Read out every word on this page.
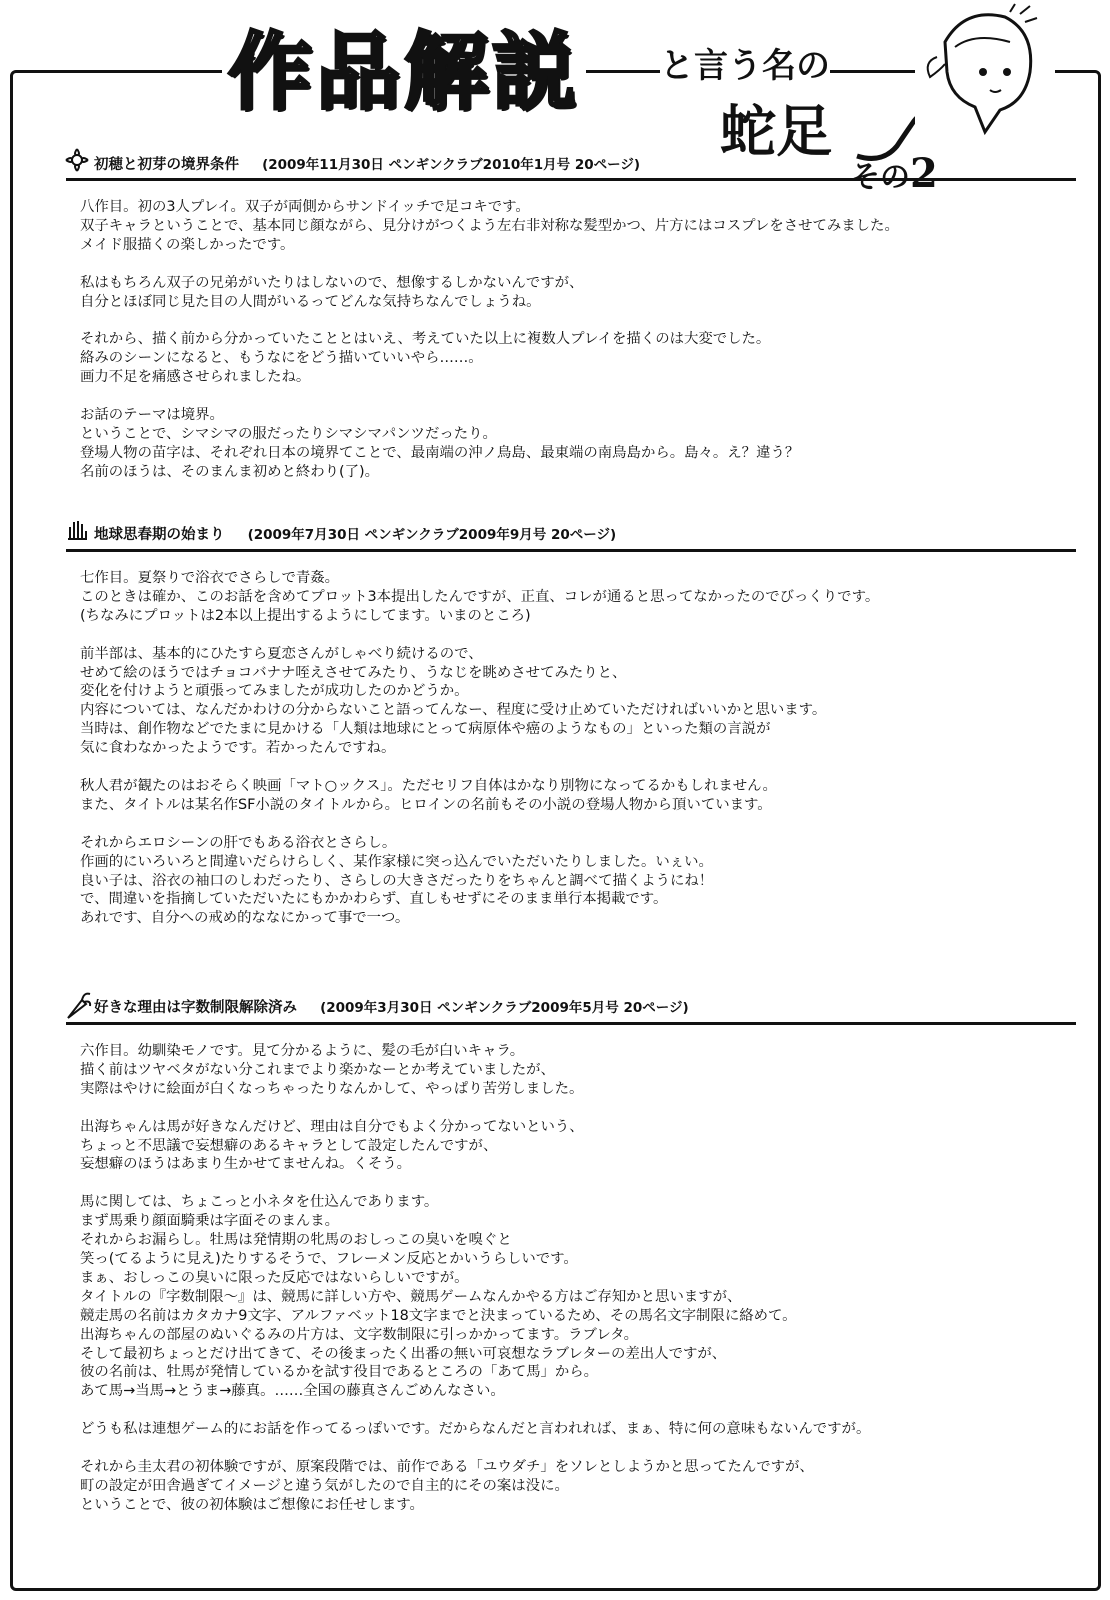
作品解説 と言う名の
蛇足
その2
初穂と初芽の境界条件 (2009年11月30日 ペンギンクラブ2010年1月号 20ページ)
八作目。初の3人プレイ。双子が両側からサンドイッチで足コキです。
双子キャラということで、基本同じ顔ながら、見分けがつくよう左右非対称な髪型かつ、片方にはコスプレをさせてみました。
メイド服描くの楽しかったです。

私はもちろん双子の兄弟がいたりはしないので、想像するしかないんですが、
自分とほぼ同じ見た目の人間がいるってどんな気持ちなんでしょうね。

それから、描く前から分かっていたこととはいえ、考えていた以上に複数人プレイを描くのは大変でした。
絡みのシーンになると、もうなにをどう描いていいやら……。
画力不足を痛感させられましたね。

お話のテーマは境界。
ということで、シマシマの服だったりシマシマパンツだったり。
登場人物の苗字は、それぞれ日本の境界てことで、最南端の沖ノ鳥島、最東端の南鳥島から。島々。え？違う？
名前のほうは、そのまんま初めと終わり(了)。
地球思春期の始まり (2009年7月30日 ペンギンクラブ2009年9月号 20ページ)
七作目。夏祭りで浴衣でさらしで青姦。
このときは確か、このお話を含めてプロット3本提出したんですが、正直、コレが通ると思ってなかったのでびっくりです。
(ちなみにプロットは2本以上提出するようにしてます。いまのところ)

前半部は、基本的にひたすら夏恋さんがしゃべり続けるので、
せめて絵のほうではチョコバナナ咥えさせてみたり、うなじを眺めさせてみたりと、
変化を付けようと頑張ってみましたが成功したのかどうか。
内容については、なんだかわけの分からないこと語ってんなー、程度に受け止めていただければいいかと思います。
当時は、創作物などでたまに見かける「人類は地球にとって病原体や癌のようなもの」といった類の言説が
気に食わなかったようです。若かったんですね。

秋人君が観たのはおそらく映画「マト○ックス」。ただセリフ自体はかなり別物になってるかもしれません。
また、タイトルは某名作SF小説のタイトルから。ヒロインの名前もその小説の登場人物から頂いています。

それからエロシーンの肝でもある浴衣とさらし。
作画的にいろいろと間違いだらけらしく、某作家様に突っ込んでいただいたりしました。いぇい。
良い子は、浴衣の袖口のしわだったり、さらしの大きさだったりをちゃんと調べて描くようにね！
で、間違いを指摘していただいたにもかかわらず、直しもせずにそのまま単行本掲載です。
あれです、自分への戒め的ななにかって事で一つ。
好きな理由は字数制限解除済み (2009年3月30日 ペンギンクラブ2009年5月号 20ページ)
六作目。幼馴染モノです。見て分かるように、髪の毛が白いキャラ。
描く前はツヤベタがない分これまでより楽かなーとか考えていましたが、
実際はやけに絵面が白くなっちゃったりなんかして、やっぱり苦労しました。

出海ちゃんは馬が好きなんだけど、理由は自分でもよく分かってないという、
ちょっと不思議で妄想癖のあるキャラとして設定したんですが、
妄想癖のほうはあまり生かせてませんね。くそう。

馬に関しては、ちょこっと小ネタを仕込んであります。
まず馬乗り顔面騎乗は字面そのまんま。
それからお漏らし。牡馬は発情期の牝馬のおしっこの臭いを嗅ぐと
笑っ(てるように見え)たりするそうで、フレーメン反応とかいうらしいです。
まぁ、おしっこの臭いに限った反応ではないらしいですが。
タイトルの『字数制限～』は、競馬に詳しい方や、競馬ゲームなんかやる方はご存知かと思いますが、
競走馬の名前はカタカナ9文字、アルファベット18文字までと決まっているため、その馬名文字制限に絡めて。
出海ちゃんの部屋のぬいぐるみの片方は、文字数制限に引っかかってます。ラブレタ。
そして最初ちょっとだけ出てきて、その後まったく出番の無い可哀想なラブレターの差出人ですが、
彼の名前は、牡馬が発情しているかを試す役目であるところの「あて馬」から。
あて馬→当馬→とうま→藤真。……全国の藤真さんごめんなさい。

どうも私は連想ゲーム的にお話を作ってるっぽいです。だからなんだと言われれば、まぁ、特に何の意味もないんですが。

それから圭太君の初体験ですが、原案段階では、前作である「ユウダチ」をソレとしようかと思ってたんですが、
町の設定が田舎過ぎてイメージと違う気がしたので自主的にその案は没に。
ということで、彼の初体験はご想像にお任せします。
